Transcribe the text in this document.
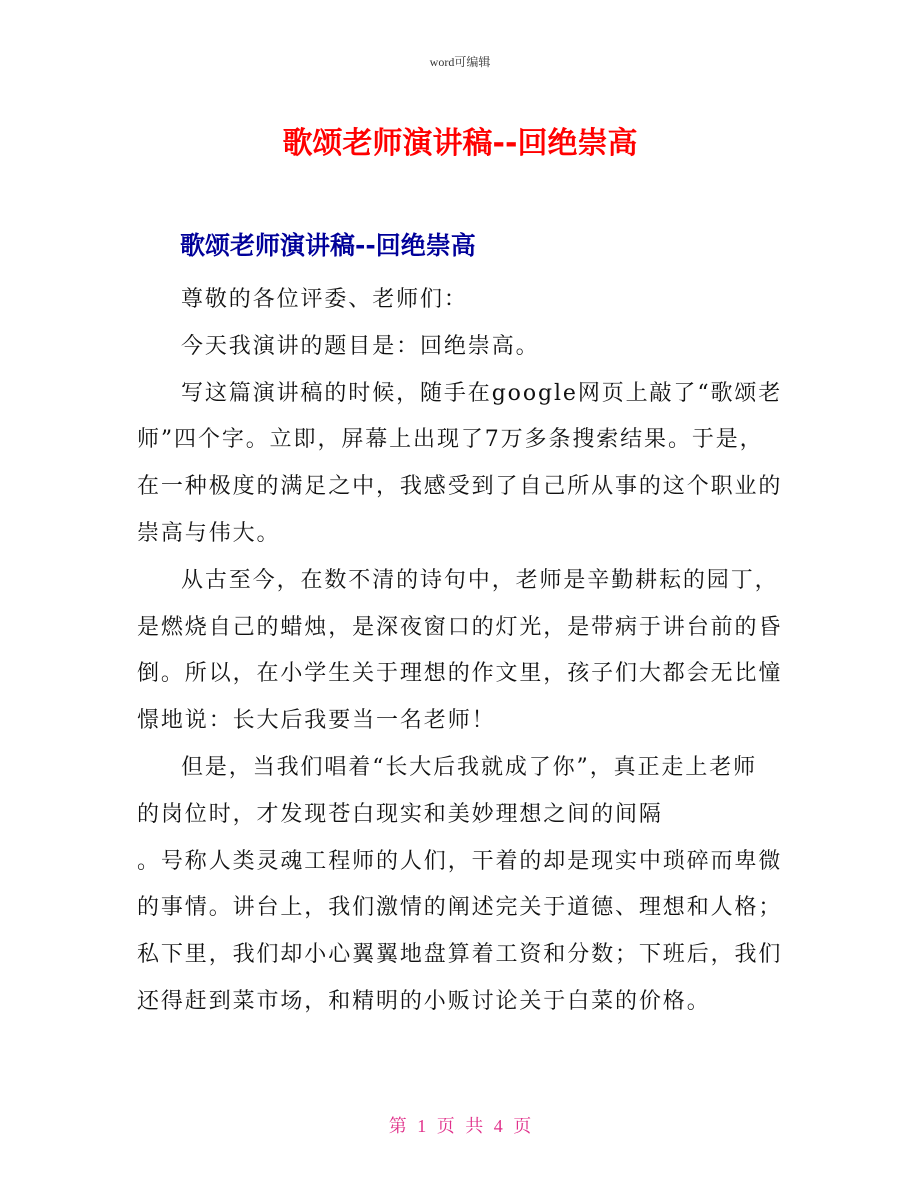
word可编辑
歌颂老师演讲稿--回绝崇高
歌颂老师演讲稿--回绝崇高
尊敬的各位评委、老师们：
今天我演讲的题目是：回绝崇高。
写这篇演讲稿的时候，随手在google网页上敲了“歌颂老
师”四个字。立即，屏幕上出现了7万多条搜索结果。于是，
在一种极度的满足之中，我感受到了自己所从事的这个职业的
崇高与伟大。
从古至今，在数不清的诗句中，老师是辛勤耕耘的园丁，
是燃烧自己的蜡烛，是深夜窗口的灯光，是带病于讲台前的昏
倒。所以，在小学生关于理想的作文里，孩子们大都会无比憧
憬地说：长大后我要当一名老师！
但是，当我们唱着“长大后我就成了你”，真正走上老师
的岗位时，才发现苍白现实和美妙理想之间的间隔
。号称人类灵魂工程师的人们，干着的却是现实中琐碎而卑微
的事情。讲台上，我们激情的阐述完关于道德、理想和人格；
私下里，我们却小心翼翼地盘算着工资和分数；下班后，我们
还得赶到菜市场，和精明的小贩讨论关于白菜的价格。
第 1 页 共 4 页
